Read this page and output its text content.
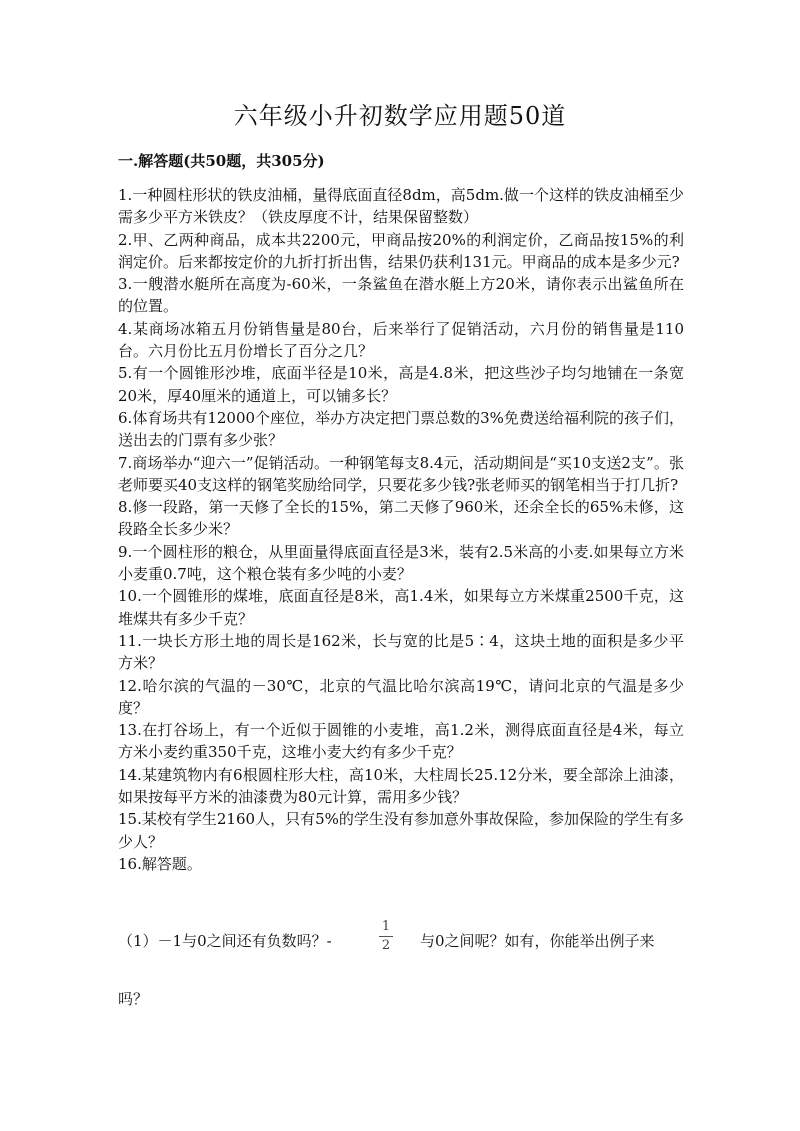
六年级小升初数学应用题50道
一.解答题(共50题，共305分)

1.一种圆柱形状的铁皮油桶，量得底面直径8dm，高5dm.做一个这样的铁皮油桶至少需多少平方米铁皮？（铁皮厚度不计，结果保留整数）

2.甲、乙两种商品，成本共2200元，甲商品按20%的利润定价，乙商品按15%的利润定价。后来都按定价的九折打折出售，结果仍获利131元。甲商品的成本是多少元?

3.一艘潜水艇所在高度为-60米，一条鲨鱼在潜水艇上方20米，请你表示出鲨鱼所在的位置。

4.某商场冰箱五月份销售量是80台，后来举行了促销活动，六月份的销售量是110台。六月份比五月份增长了百分之几？

5.有一个圆锥形沙堆，底面半径是10米，高是4.8米，把这些沙子均匀地铺在一条宽20米，厚40厘米的通道上，可以铺多长？

6.体育场共有12000个座位，举办方决定把门票总数的3%免费送给福利院的孩子们，送出去的门票有多少张？

7.商场举办“迎六一”促销活动。一种钢笔每支8.4元，活动期间是“买10支送2支”。张老师要买40支这样的钢笔奖励给同学，只要花多少钱?张老师买的钢笔相当于打几折?

8.修一段路，第一天修了全长的15%，第二天修了960米，还余全长的65%未修，这段路全长多少米？

9.一个圆柱形的粮仓，从里面量得底面直径是3米，装有2.5米高的小麦.如果每立方米小麦重0.7吨，这个粮仓装有多少吨的小麦？

10.一个圆锥形的煤堆，底面直径是8米，高1.4米，如果每立方米煤重2500千克，这堆煤共有多少千克？

11.一块长方形土地的周长是162米，长与宽的比是5∶4，这块土地的面积是多少平方米？

12.哈尔滨的气温的－30℃，北京的气温比哈尔滨高19℃，请问北京的气温是多少度？

13.在打谷场上，有一个近似于圆锥的小麦堆，高1.2米，测得底面直径是4米，每立方米小麦约重350千克，这堆小麦大约有多少千克？

14.某建筑物内有6根圆柱形大柱，高10米，大柱周长25.12分米，要全部涂上油漆，如果按每平方米的油漆费为80元计算，需用多少钱？

15.某校有学生2160人，只有5%的学生没有参加意外事故保险，参加保险的学生有多少人？

16.解答题。

（1）－1与0之间还有负数吗？-
1
2 与0之间呢？如有，你能举出例子来
吗？
